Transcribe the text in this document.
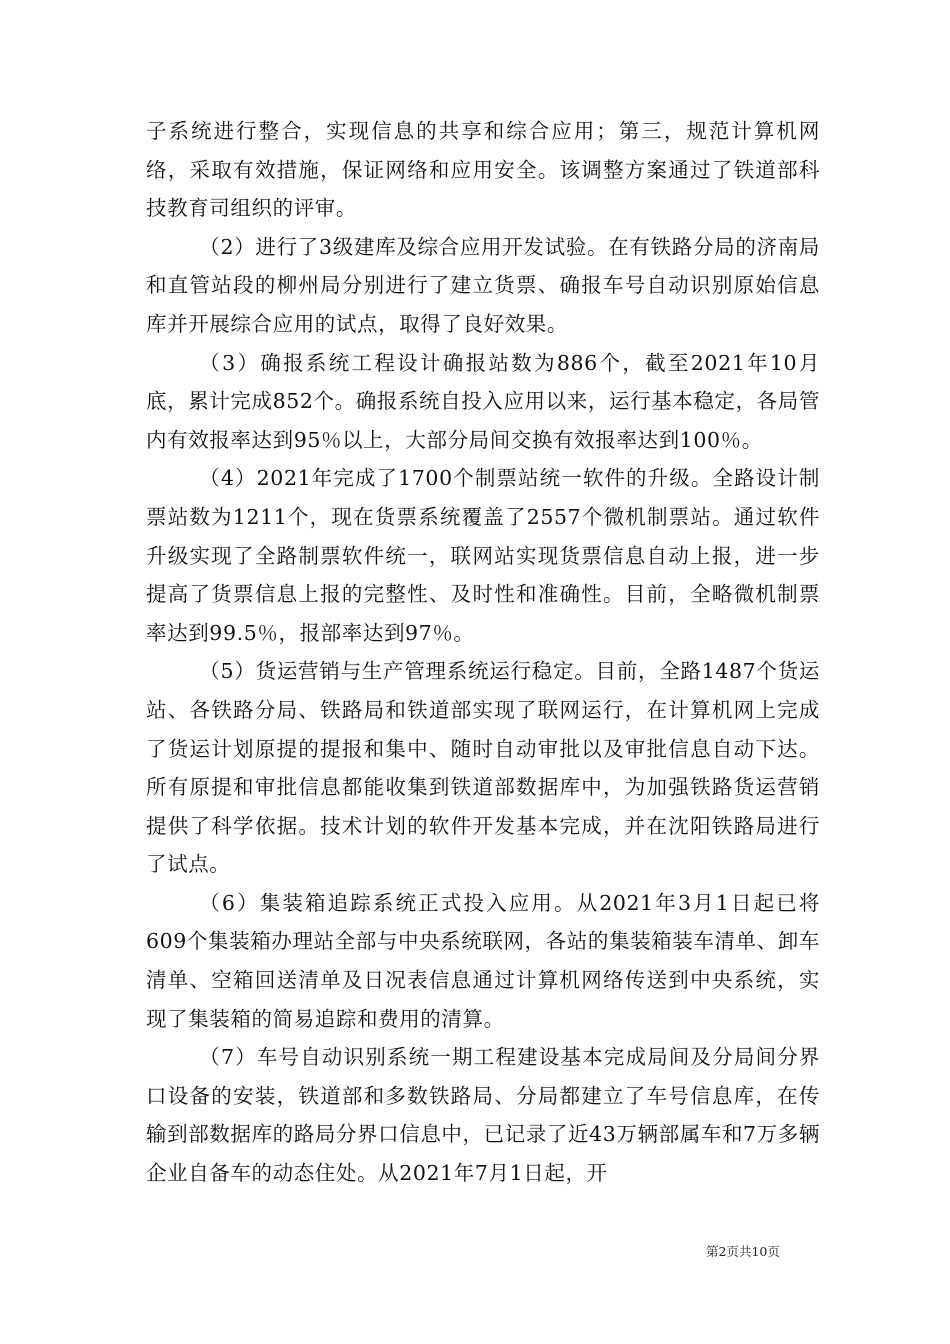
子系统进行整合，实现信息的共享和综合应用；第三，规范计算机网络，采取有效措施，保证网络和应用安全。该调整方案通过了铁道部科技教育司组织的评审。

（2）进行了3级建库及综合应用开发试验。在有铁路分局的济南局和直管站段的柳州局分别进行了建立货票、确报车号自动识别原始信息库并开展综合应用的试点，取得了良好效果。

（3）确报系统工程设计确报站数为886个，截至2021年10月底，累计完成852个。确报系统自投入应用以来，运行基本稳定，各局管内有效报率达到95％以上，大部分局间交换有效报率达到100％。

（4）2021年完成了1700个制票站统一软件的升级。全路设计制票站数为1211个，现在货票系统覆盖了2557个微机制票站。通过软件升级实现了全路制票软件统一，联网站实现货票信息自动上报，进一步提高了货票信息上报的完整性、及时性和准确性。目前，全略微机制票率达到99.5％，报部率达到97％。

（5）货运营销与生产管理系统运行稳定。目前，全路1487个货运站、各铁路分局、铁路局和铁道部实现了联网运行，在计算机网上完成了货运计划原提的提报和集中、随时自动审批以及审批信息自动下达。所有原提和审批信息都能收集到铁道部数据库中，为加强铁路货运营销提供了科学依据。技术计划的软件开发基本完成，并在沈阳铁路局进行了试点。

（6）集装箱追踪系统正式投入应用。从2021年3月1日起已将609个集装箱办理站全部与中央系统联网，各站的集装箱装车清单、卸车清单、空箱回送清单及日况表信息通过计算机网络传送到中央系统，实现了集装箱的简易追踪和费用的清算。

（7）车号自动识别系统一期工程建设基本完成局间及分局间分界口设备的安装，铁道部和多数铁路局、分局都建立了车号信息库，在传输到部数据库的路局分界口信息中，已记录了近43万辆部属车和7万多辆企业自备车的动态住处。从2021年7月1日起，开

第2页共10页
